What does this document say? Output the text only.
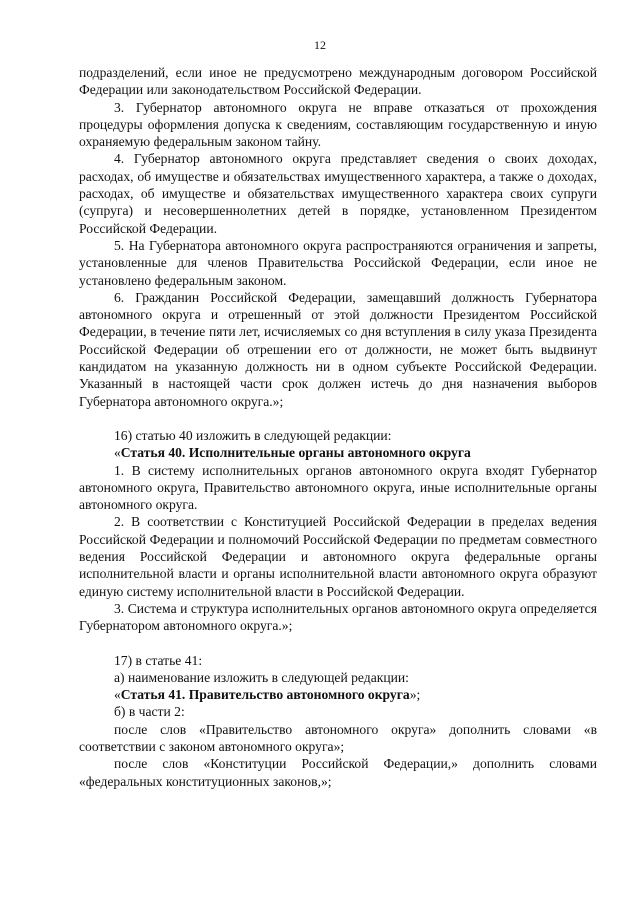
12

подразделений, если иное не предусмотрено международным договором Российской Федерации или законодательством Российской Федерации.

3. Губернатор автономного округа не вправе отказаться от прохождения процедуры оформления допуска к сведениям, составляющим государственную и иную охраняемую федеральным законом тайну.

4. Губернатор автономного округа представляет сведения о своих доходах, расходах, об имуществе и обязательствах имущественного характера, а также о доходах, расходах, об имуществе и обязательствах имущественного характера своих супруги (супруга) и несовершеннолетних детей в порядке, установленном Президентом Российской Федерации.

5. На Губернатора автономного округа распространяются ограничения и запреты, установленные для членов Правительства Российской Федерации, если иное не установлено федеральным законом.

6. Гражданин Российской Федерации, замещавший должность Губернатора автономного округа и отрешенный от этой должности Президентом Российской Федерации, в течение пяти лет, исчисляемых со дня вступления в силу указа Президента Российской Федерации об отрешении его от должности, не может быть выдвинут кандидатом на указанную должность ни в одном субъекте Российской Федерации. Указанный в настоящей части срок должен истечь до дня назначения выборов Губернатора автономного округа.»;

16) статью 40 изложить в следующей редакции:

«Статья 40. Исполнительные органы автономного округа

1. В систему исполнительных органов автономного округа входят Губернатор автономного округа, Правительство автономного округа, иные исполнительные органы автономного округа.

2. В соответствии с Конституцией Российской Федерации в пределах ведения Российской Федерации и полномочий Российской Федерации по предметам совместного ведения Российской Федерации и автономного округа федеральные органы исполнительной власти и органы исполнительной власти автономного округа образуют единую систему исполнительной власти в Российской Федерации.

3. Система и структура исполнительных органов автономного округа определяется Губернатором автономного округа.»;

17) в статье 41:

а) наименование изложить в следующей редакции:

«Статья 41. Правительство автономного округа»;

б) в части 2:

после слов «Правительство автономного округа» дополнить словами «в соответствии с законом автономного округа»;

после слов «Конституции Российской Федерации,» дополнить словами «федеральных конституционных законов,»;
